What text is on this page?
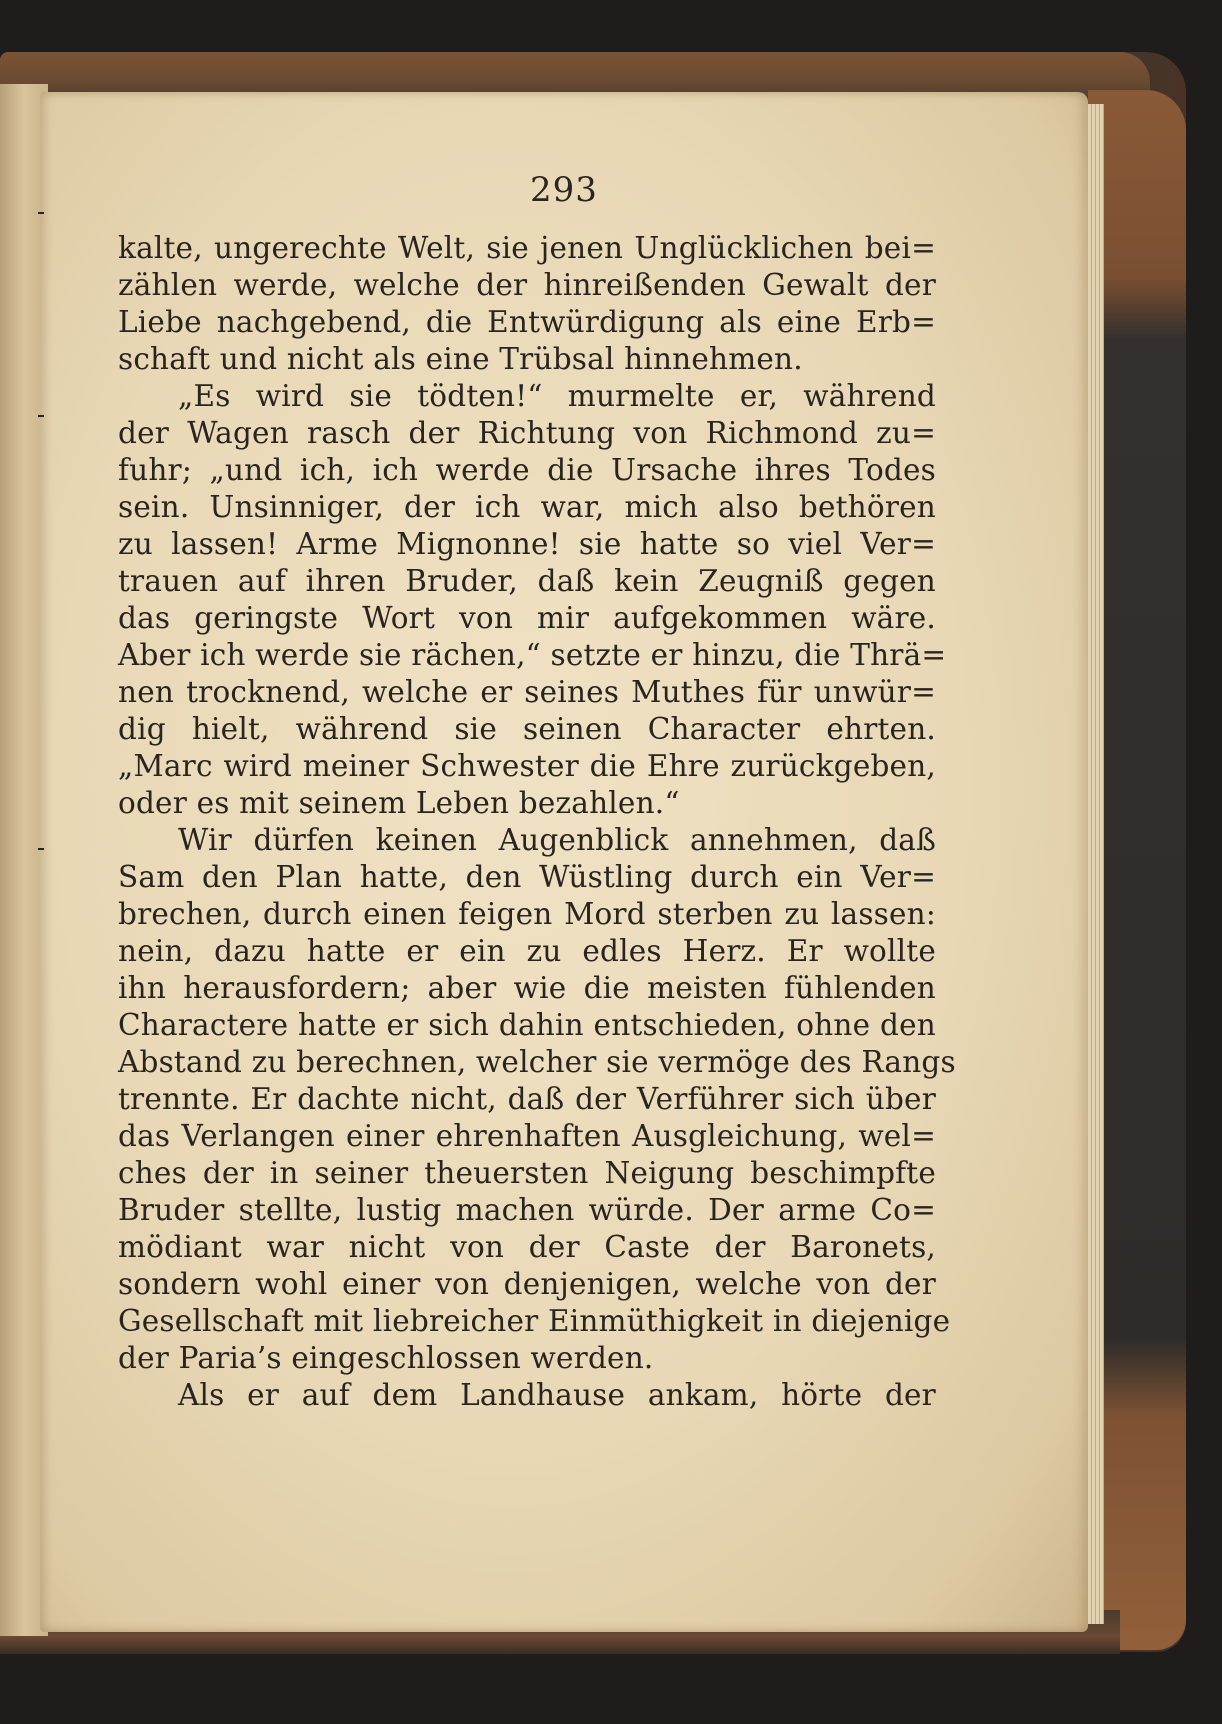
293
kalte, ungerechte Welt, sie jenen Unglücklichen bei=
zählen werde, welche der hinreißenden Gewalt der
Liebe nachgebend, die Entwürdigung als eine Erb=
schaft und nicht als eine Trübsal hinnehmen.
„Es wird sie tödten!“ murmelte er, während
der Wagen rasch der Richtung von Richmond zu=
fuhr; „und ich, ich werde die Ursache ihres Todes
sein. Unsinniger, der ich war, mich also bethören
zu lassen! Arme Mignonne! sie hatte so viel Ver=
trauen auf ihren Bruder, daß kein Zeugniß gegen
das geringste Wort von mir aufgekommen wäre.
Aber ich werde sie rächen,“ setzte er hinzu, die Thrä=
nen trocknend, welche er seines Muthes für unwür=
dig hielt, während sie seinen Character ehrten.
„Marc wird meiner Schwester die Ehre zurückgeben,
oder es mit seinem Leben bezahlen.“
Wir dürfen keinen Augenblick annehmen, daß
Sam den Plan hatte, den Wüstling durch ein Ver=
brechen, durch einen feigen Mord sterben zu lassen:
nein, dazu hatte er ein zu edles Herz. Er wollte
ihn herausfordern; aber wie die meisten fühlenden
Charactere hatte er sich dahin entschieden, ohne den
Abstand zu berechnen, welcher sie vermöge des Rangs
trennte. Er dachte nicht, daß der Verführer sich über
das Verlangen einer ehrenhaften Ausgleichung, wel=
ches der in seiner theuersten Neigung beschimpfte
Bruder stellte, lustig machen würde. Der arme Co=
mödiant war nicht von der Caste der Baronets,
sondern wohl einer von denjenigen, welche von der
Gesellschaft mit liebreicher Einmüthigkeit in diejenige
der Paria’s eingeschlossen werden.
Als er auf dem Landhause ankam, hörte der
